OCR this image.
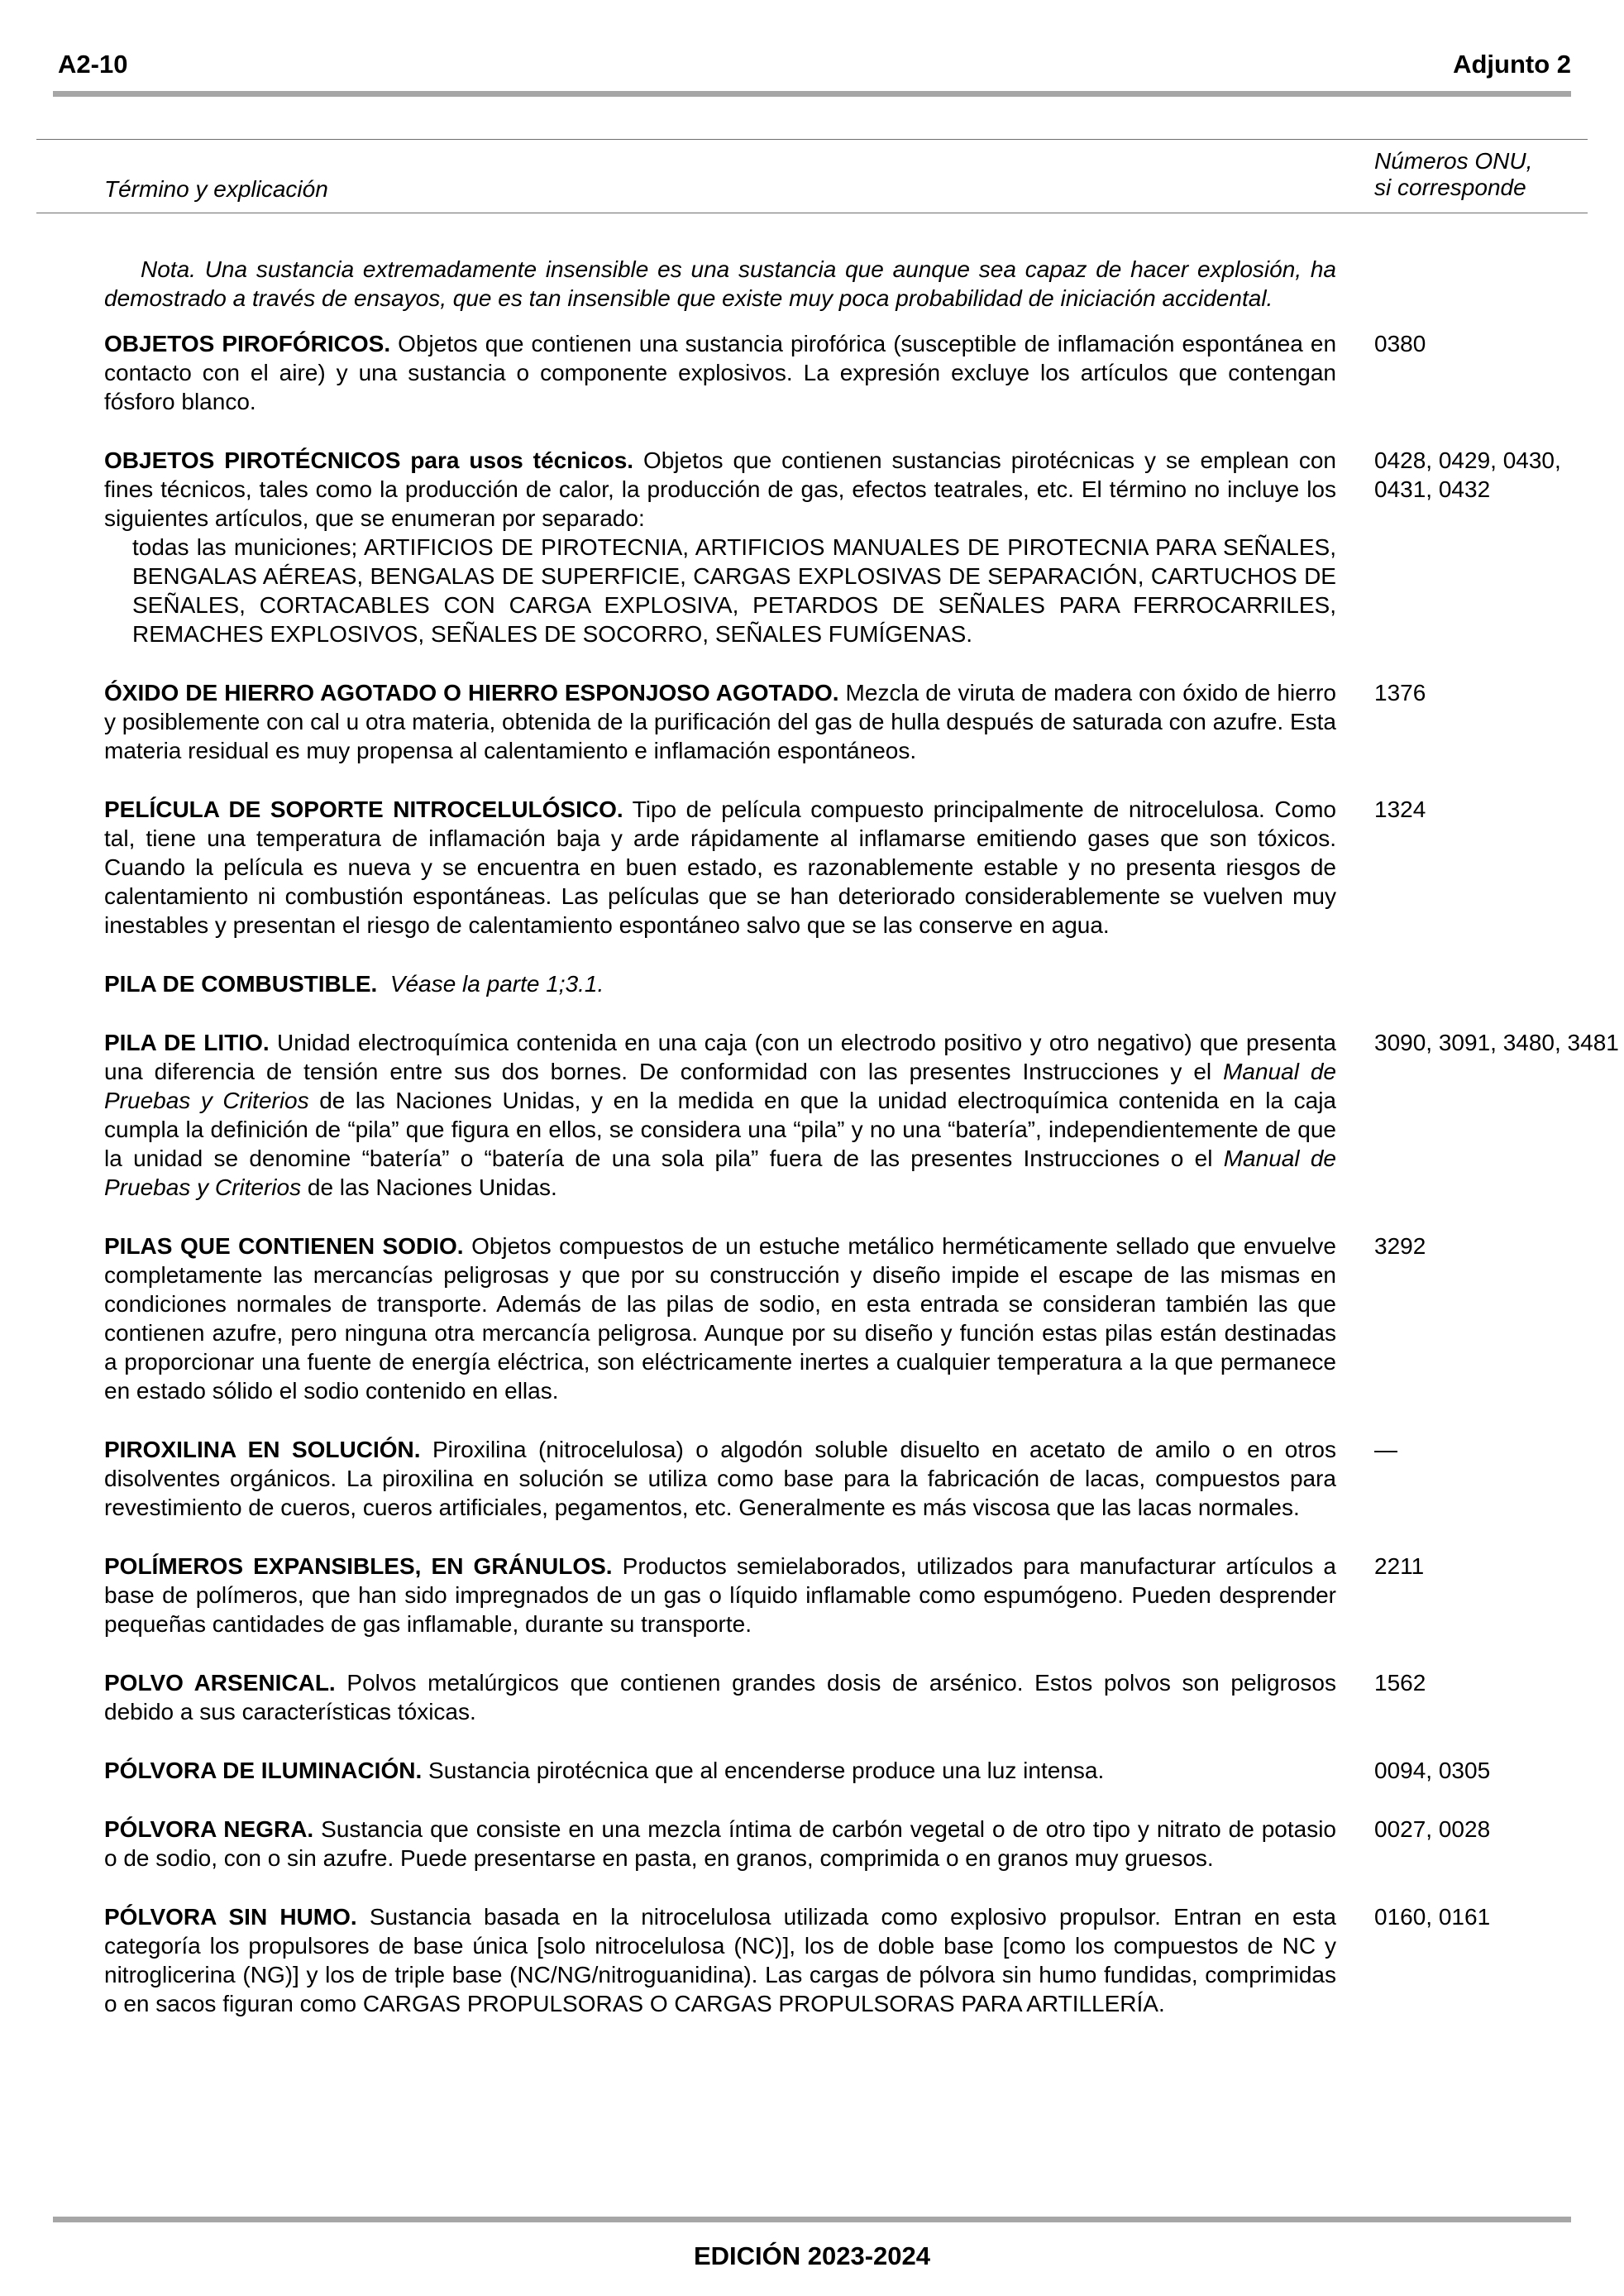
A2-10	Adjunto 2
Término y explicación
Números ONU,
si corresponde
Nota. Una sustancia extremadamente insensible es una sustancia que aunque sea capaz de hacer explosión, ha demostrado a través de ensayos, que es tan insensible que existe muy poca probabilidad de iniciación accidental.
OBJETOS PIROFÓRICOS. Objetos que contienen una sustancia pirofórica (susceptible de inflamación espontánea en contacto con el aire) y una sustancia o componente explosivos. La expresión excluye los artículos que contengan fósforo blanco.
0380
OBJETOS PIROTÉCNICOS para usos técnicos. Objetos que contienen sustancias pirotécnicas y se emplean con fines técnicos, tales como la producción de calor, la producción de gas, efectos teatrales, etc. El término no incluye los siguientes artículos, que se enumeran por separado:
todas las municiones; ARTIFICIOS DE PIROTECNIA, ARTIFICIOS MANUALES DE PIROTECNIA PARA SEÑALES, BENGALAS AÉREAS, BENGALAS DE SUPERFICIE, CARGAS EXPLOSIVAS DE SEPARACIÓN, CARTUCHOS DE SEÑALES, CORTACABLES CON CARGA EXPLOSIVA, PETARDOS DE SEÑALES PARA FERROCARRILES, REMACHES EXPLOSIVOS, SEÑALES DE SOCORRO, SEÑALES FUMÍGENAS.
0428, 0429, 0430, 0431, 0432
ÓXIDO DE HIERRO AGOTADO O HIERRO ESPONJOSO AGOTADO. Mezcla de viruta de madera con óxido de hierro y posiblemente con cal u otra materia, obtenida de la purificación del gas de hulla después de saturada con azufre. Esta materia residual es muy propensa al calentamiento e inflamación espontáneos.
1376
PELÍCULA DE SOPORTE NITROCELULÓSICO. Tipo de película compuesto principalmente de nitrocelulosa. Como tal, tiene una temperatura de inflamación baja y arde rápidamente al inflamarse emitiendo gases que son tóxicos. Cuando la película es nueva y se encuentra en buen estado, es razonablemente estable y no presenta riesgos de calentamiento ni combustión espontáneas. Las películas que se han deteriorado considerablemente se vuelven muy inestables y presentan el riesgo de calentamiento espontáneo salvo que se las conserve en agua.
1324
PILA DE COMBUSTIBLE. Véase la parte 1;3.1.
PILA DE LITIO. Unidad electroquímica contenida en una caja (con un electrodo positivo y otro negativo) que presenta una diferencia de tensión entre sus dos bornes. De conformidad con las presentes Instrucciones y el Manual de Pruebas y Criterios de las Naciones Unidas, y en la medida en que la unidad electroquímica contenida en la caja cumpla la definición de “pila” que figura en ellos, se considera una “pila” y no una “batería”, independientemente de que la unidad se denomine “batería” o “batería de una sola pila” fuera de las presentes Instrucciones o el Manual de Pruebas y Criterios de las Naciones Unidas.
3090, 3091, 3480, 3481
PILAS QUE CONTIENEN SODIO. Objetos compuestos de un estuche metálico herméticamente sellado que envuelve completamente las mercancías peligrosas y que por su construcción y diseño impide el escape de las mismas en condiciones normales de transporte. Además de las pilas de sodio, en esta entrada se consideran también las que contienen azufre, pero ninguna otra mercancía peligrosa. Aunque por su diseño y función estas pilas están destinadas a proporcionar una fuente de energía eléctrica, son eléctricamente inertes a cualquier temperatura a la que permanece en estado sólido el sodio contenido en ellas.
3292
PIROXILINA EN SOLUCIÓN. Piroxilina (nitrocelulosa) o algodón soluble disuelto en acetato de amilo o en otros disolventes orgánicos. La piroxilina en solución se utiliza como base para la fabricación de lacas, compuestos para revestimiento de cueros, cueros artificiales, pegamentos, etc. Generalmente es más viscosa que las lacas normales.
—
POLÍMEROS EXPANSIBLES, EN GRÁNULOS. Productos semielaborados, utilizados para manufacturar artículos a base de polímeros, que han sido impregnados de un gas o líquido inflamable como espumógeno. Pueden desprender pequeñas cantidades de gas inflamable, durante su transporte.
2211
POLVO ARSENICAL. Polvos metalúrgicos que contienen grandes dosis de arsénico. Estos polvos son peligrosos debido a sus características tóxicas.
1562
PÓLVORA DE ILUMINACIÓN. Sustancia pirotécnica que al encenderse produce una luz intensa.	0094, 0305
PÓLVORA NEGRA. Sustancia que consiste en una mezcla íntima de carbón vegetal o de otro tipo y nitrato de potasio o de sodio, con o sin azufre. Puede presentarse en pasta, en granos, comprimida o en granos muy gruesos.
0027, 0028
PÓLVORA SIN HUMO. Sustancia basada en la nitrocelulosa utilizada como explosivo propulsor. Entran en esta categoría los propulsores de base única [solo nitrocelulosa (NC)], los de doble base [como los compuestos de NC y nitroglicerina (NG)] y los de triple base (NC/NG/nitroguanidina). Las cargas de pólvora sin humo fundidas, comprimidas o en sacos figuran como CARGAS PROPULSORAS O CARGAS PROPULSORAS PARA ARTILLERÍA.
0160, 0161
EDICIÓN 2023-2024
